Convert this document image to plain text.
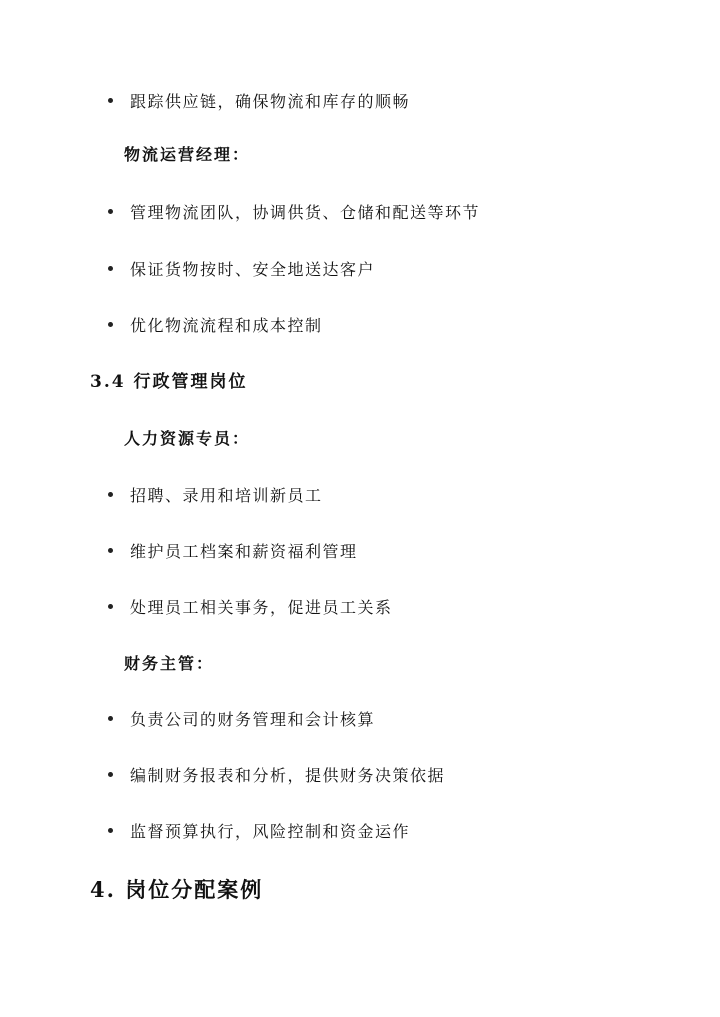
跟踪供应链，确保物流和库存的顺畅
物流运营经理：
管理物流团队，协调供货、仓储和配送等环节
保证货物按时、安全地送达客户
优化物流流程和成本控制
3.4 行政管理岗位
人力资源专员：
招聘、录用和培训新员工
维护员工档案和薪资福利管理
处理员工相关事务，促进员工关系
财务主管：
负责公司的财务管理和会计核算
编制财务报表和分析，提供财务决策依据
监督预算执行，风险控制和资金运作
4. 岗位分配案例
